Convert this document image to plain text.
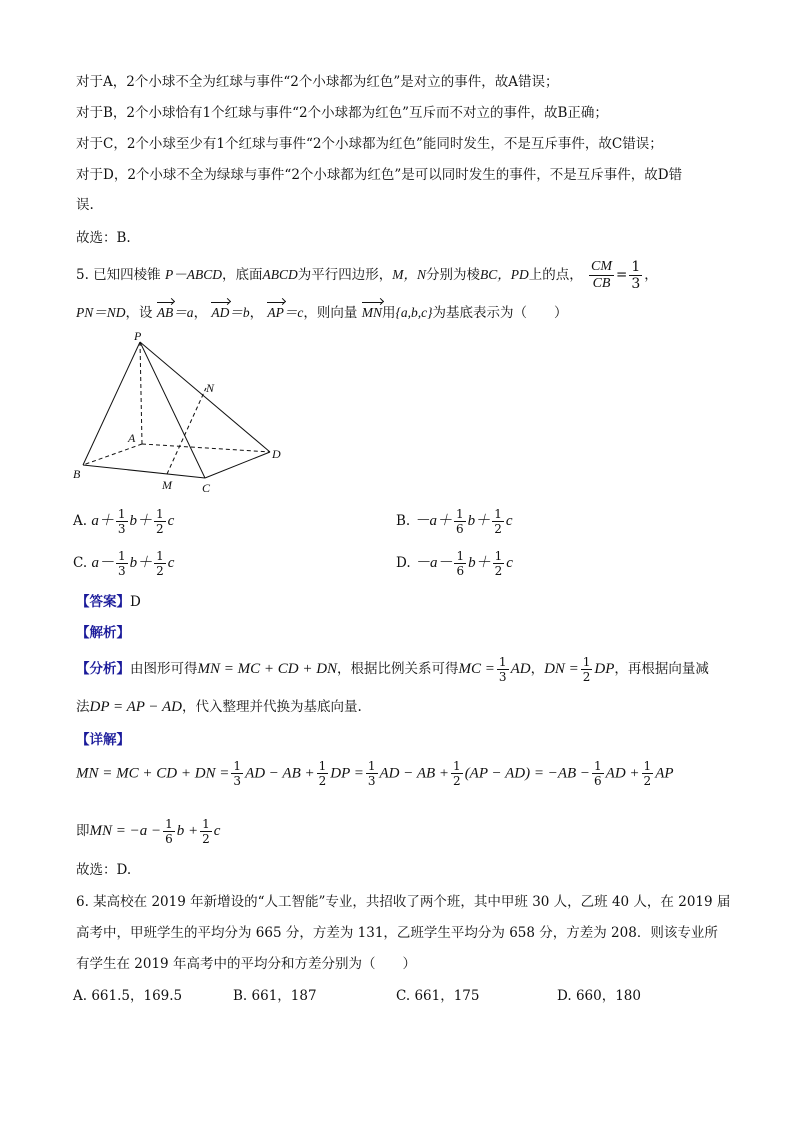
对于A，2个小球不全为红球与事件“2个小球都为红色”是对立的事件，故A错误；
对于B，2个小球恰有1个红球与事件“2个小球都为红色”互斥而不对立的事件，故B正确；
对于C，2个小球至少有1个红球与事件“2个小球都为红色”能同时发生，不是互斥事件，故C错误；
对于D，2个小球不全为绿球与事件“2个小球都为红色”是可以同时发生的事件，不是互斥事件，故D错
误.
故选：B.
5. 已知四棱锥 P－ABCD，底面ABCD为平行四边形，M，N分别为棱BC，PD上的点， $\frac{CM}{CB} = \frac{1}{3}$ ，
PN＝ND，设 AB＝a， AD＝b， AP＝c，则向量 MN用{a,b,c}为基底表示为（　　）
P
N
A
D
B
M	C
A. $a+ \frac{1}{3} b+ \frac{1}{2}$ c	B. $-a+ \frac{1}{6} b+ \frac{1}{2}$ c
C. $a- \frac{1}{3} b+ \frac{1}{2}$ c	D. $-a- \frac{1}{6} b+ \frac{1}{2}$ c
【答案】D
【解析】
【分析】由图形可得MN = MC + CD + DN，根据比例关系可得MC = $\frac{1}{3}$ AD，DN = $\frac{1}{2}$ DP，再根据向量减
法DP = AP − AD，代入整理并代换为基底向量.
【详解】
MN = MC + CD + DN = $\frac{1}{3}$ AD − AB + $\frac{1}{2}$ DP = $\frac{1}{3}$ AD − AB + $\frac{1}{2} (AP - AD) = -AB - \frac{1}{6}$ AD + $\frac{1}{2}$ AP
即MN = $-a - \frac{1}{6}$ $b + \frac{1}{2}$ c
故选：D.
6. 某高校在 2019 年新增设的“人工智能”专业，共招收了两个班，其中甲班 30 人，乙班 40 人，在 2019 届
高考中，甲班学生的平均分为 665 分，方差为 131，乙班学生平均分为 658 分，方差为 208．则该专业所
有学生在 2019 年高考中的平均分和方差分别为（　　）
A. 661.5，169.5	B. 661，187	C. 661，175	D. 660，180
